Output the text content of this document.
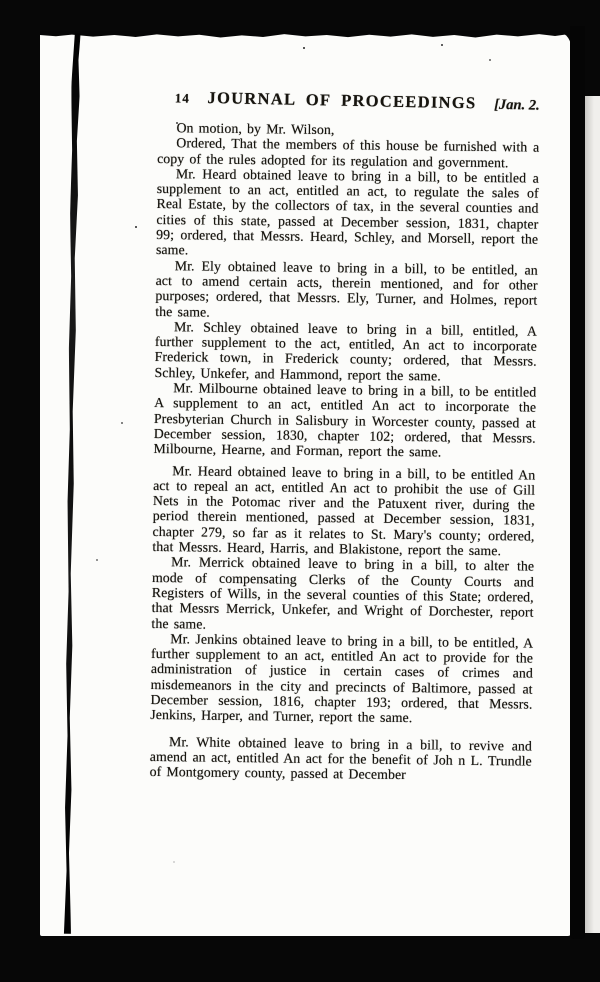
14	JOURNAL OF PROCEEDINGS	[Jan. 2.

On motion, by Mr. Wilson,

Ordered, That the members of this house be furnished with a copy of the rules adopted for its regulation and government.

Mr. Heard obtained leave to bring in a bill, to be entitled a supplement to an act, entitled an act, to regulate the sales of Real Estate, by the collectors of tax, in the several counties and cities of this state, passed at December session, 1831, chapter 99; ordered, that Messrs. Heard, Schley, and Morsell, report the same.

Mr. Ely obtained leave to bring in a bill, to be entitled, an act to amend certain acts, therein mentioned, and for other purposes; ordered, that Messrs. Ely, Turner, and Holmes, report the same.

Mr. Schley obtained leave to bring in a bill, entitled, A further supplement to the act, entitled, An act to incorporate Frederick town, in Frederick county; ordered, that Messrs. Schley, Unkefer, and Hammond, report the same.

Mr. Milbourne obtained leave to bring in a bill, to be entitled A supplement to an act, entitled An act to incorporate the Presbyterian Church in Salisbury in Worcester county, passed at December session, 1830, chapter 102; ordered, that Messrs. Milbourne, Hearne, and Forman, report the same.

Mr. Heard obtained leave to bring in a bill, to be entitled An act to repeal an act, entitled An act to prohibit the use of Gill Nets in the Potomac river and the Patuxent river, during the period therein mentioned, passed at December session, 1831, chapter 279, so far as it relates to St. Mary's county; ordered, that Messrs. Heard, Harris, and Blakistone, report the same.

Mr. Merrick obtained leave to bring in a bill, to alter the mode of compensating Clerks of the County Courts and Registers of Wills, in the several counties of this State; ordered, that Messrs Merrick, Unkefer, and Wright of Dorchester, report the same.

Mr. Jenkins obtained leave to bring in a bill, to be entitled, A further supplement to an act, entitled An act to provide for the administration of justice in certain cases of crimes and misdemeanors in the city and precincts of Baltimore, passed at December session, 1816, chapter 193; ordered, that Messrs. Jenkins, Harper, and Turner, report the same.

Mr. White obtained leave to bring in a bill, to revive and amend an act, entitled An act for the benefit of Joh n L. Trundle of Montgomery county, passed at December
